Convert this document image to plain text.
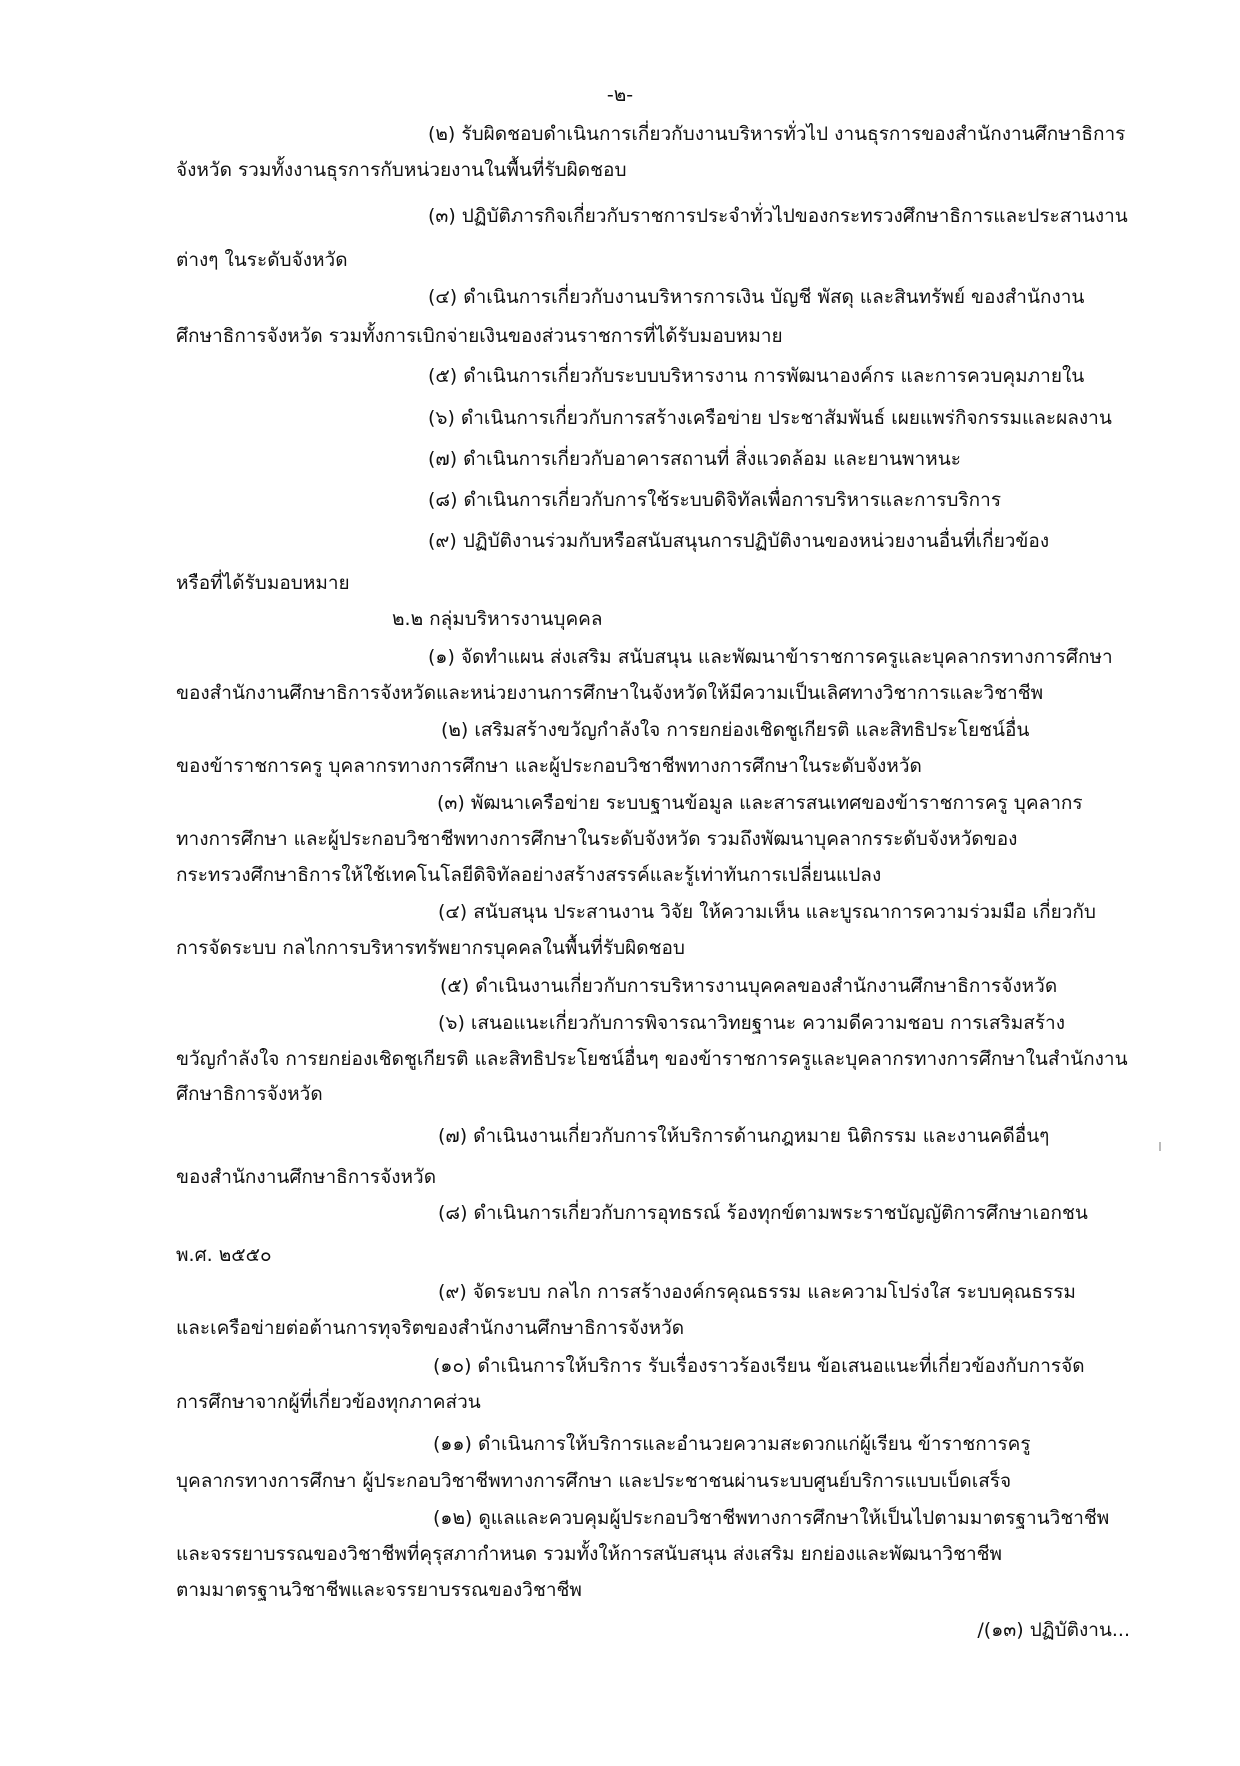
-๒-
(๒) รับผิดชอบดำเนินการเกี่ยวกับงานบริหารทั่วไป งานธุรการของสำนักงานศึกษาธิการ
จังหวัด รวมทั้งงานธุรการกับหน่วยงานในพื้นที่รับผิดชอบ
(๓) ปฏิบัติภารกิจเกี่ยวกับราชการประจำทั่วไปของกระทรวงศึกษาธิการและประสานงาน
ต่างๆ ในระดับจังหวัด
(๔) ดำเนินการเกี่ยวกับงานบริหารการเงิน บัญชี พัสดุ และสินทรัพย์ ของสำนักงาน
ศึกษาธิการจังหวัด รวมทั้งการเบิกจ่ายเงินของส่วนราชการที่ได้รับมอบหมาย
(๕) ดำเนินการเกี่ยวกับระบบบริหารงาน การพัฒนาองค์กร และการควบคุมภายใน
(๖) ดำเนินการเกี่ยวกับการสร้างเครือข่าย ประชาสัมพันธ์ เผยแพร่กิจกรรมและผลงาน
(๗) ดำเนินการเกี่ยวกับอาคารสถานที่ สิ่งแวดล้อม และยานพาหนะ
(๘) ดำเนินการเกี่ยวกับการใช้ระบบดิจิทัลเพื่อการบริหารและการบริการ
(๙) ปฏิบัติงานร่วมกับหรือสนับสนุนการปฏิบัติงานของหน่วยงานอื่นที่เกี่ยวข้อง
หรือที่ได้รับมอบหมาย
๒.๒ กลุ่มบริหารงานบุคคล
(๑) จัดทำแผน ส่งเสริม สนับสนุน และพัฒนาข้าราชการครูและบุคลากรทางการศึกษา
ของสำนักงานศึกษาธิการจังหวัดและหน่วยงานการศึกษาในจังหวัดให้มีความเป็นเลิศทางวิชาการและวิชาชีพ
(๒) เสริมสร้างขวัญกำลังใจ การยกย่องเชิดชูเกียรติ และสิทธิประโยชน์อื่น
ของข้าราชการครู บุคลากรทางการศึกษา และผู้ประกอบวิชาชีพทางการศึกษาในระดับจังหวัด
(๓) พัฒนาเครือข่าย ระบบฐานข้อมูล และสารสนเทศของข้าราชการครู บุคลากร
ทางการศึกษา และผู้ประกอบวิชาชีพทางการศึกษาในระดับจังหวัด รวมถึงพัฒนาบุคลากรระดับจังหวัดของ
กระทรวงศึกษาธิการให้ใช้เทคโนโลยีดิจิทัลอย่างสร้างสรรค์และรู้เท่าทันการเปลี่ยนแปลง
(๔) สนับสนุน ประสานงาน วิจัย ให้ความเห็น และบูรณาการความร่วมมือ เกี่ยวกับ
การจัดระบบ กลไกการบริหารทรัพยากรบุคคลในพื้นที่รับผิดชอบ
(๕) ดำเนินงานเกี่ยวกับการบริหารงานบุคคลของสำนักงานศึกษาธิการจังหวัด
(๖) เสนอแนะเกี่ยวกับการพิจารณาวิทยฐานะ ความดีความชอบ การเสริมสร้าง
ขวัญกำลังใจ การยกย่องเชิดชูเกียรติ และสิทธิประโยชน์อื่นๆ ของข้าราชการครูและบุคลากรทางการศึกษาในสำนักงาน
ศึกษาธิการจังหวัด
(๗) ดำเนินงานเกี่ยวกับการให้บริการด้านกฎหมาย นิติกรรม และงานคดีอื่นๆ
ของสำนักงานศึกษาธิการจังหวัด
(๘) ดำเนินการเกี่ยวกับการอุทธรณ์ ร้องทุกข์ตามพระราชบัญญัติการศึกษาเอกชน
พ.ศ. ๒๕๕๐
(๙) จัดระบบ กลไก การสร้างองค์กรคุณธรรม และความโปร่งใส ระบบคุณธรรม
และเครือข่ายต่อต้านการทุจริตของสำนักงานศึกษาธิการจังหวัด
(๑๐) ดำเนินการให้บริการ รับเรื่องราวร้องเรียน ข้อเสนอแนะที่เกี่ยวข้องกับการจัด
การศึกษาจากผู้ที่เกี่ยวข้องทุกภาคส่วน
(๑๑) ดำเนินการให้บริการและอำนวยความสะดวกแก่ผู้เรียน ข้าราชการครู
บุคลากรทางการศึกษา ผู้ประกอบวิชาชีพทางการศึกษา และประชาชนผ่านระบบศูนย์บริการแบบเบ็ดเสร็จ
(๑๒) ดูแลและควบคุมผู้ประกอบวิชาชีพทางการศึกษาให้เป็นไปตามมาตรฐานวิชาชีพ
และจรรยาบรรณของวิชาชีพที่คุรุสภากำหนด รวมทั้งให้การสนับสนุน ส่งเสริม ยกย่องและพัฒนาวิชาชีพ
ตามมาตรฐานวิชาชีพและจรรยาบรรณของวิชาชีพ
/(๑๓) ปฏิบัติงาน...
